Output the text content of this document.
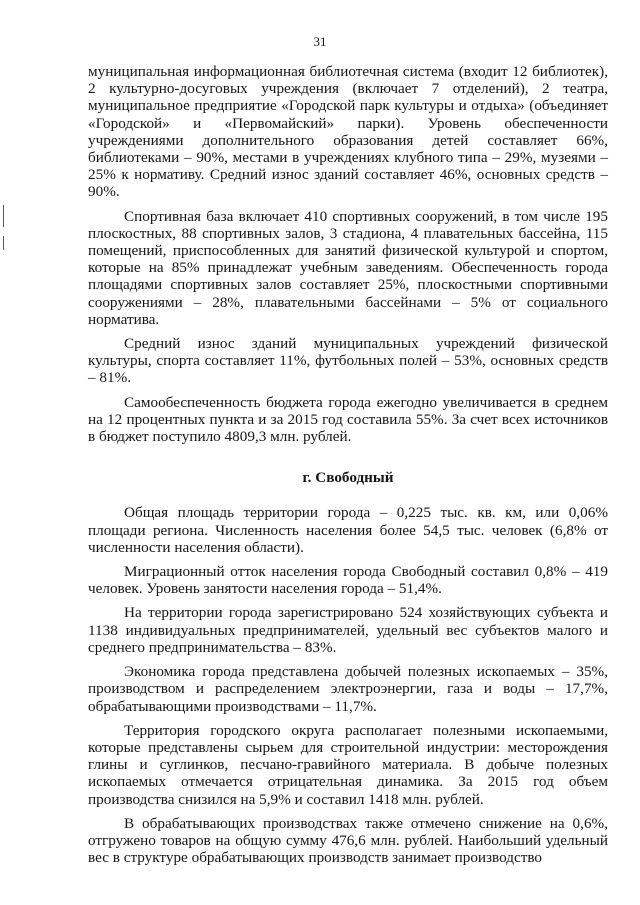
31

муниципальная информационная библиотечная система (входит 12 библиотек), 2 культурно-досуговых учреждения (включает 7 отделений), 2 театра, муниципальное предприятие «Городской парк культуры и отдыха» (объединяет «Городской» и «Первомайский» парки). Уровень обеспеченности учреждениями дополнительного образования детей составляет 66%, библиотеками – 90%, местами в учреждениях клубного типа – 29%, музеями – 25% к нормативу. Средний износ зданий составляет 46%, основных средств – 90%.

Спортивная база включает 410 спортивных сооружений, в том числе 195 плоскостных, 88 спортивных залов, 3 стадиона, 4 плавательных бассейна, 115 помещений, приспособленных для занятий физической культурой и спортом, которые на 85% принадлежат учебным заведениям. Обеспеченность города площадями спортивных залов составляет 25%, плоскостными спортивными сооружениями – 28%, плавательными бассейнами – 5% от социального норматива.

Средний износ зданий муниципальных учреждений физической культуры, спорта составляет 11%, футбольных полей – 53%, основных средств – 81%.

Самообеспеченность бюджета города ежегодно увеличивается в среднем на 12 процентных пункта и за 2015 год составила 55%. За счет всех источников в бюджет поступило 4809,3 млн. рублей.

г. Свободный

Общая площадь территории города – 0,225 тыс. кв. км, или 0,06% площади региона. Численность населения более 54,5 тыс. человек (6,8% от численности населения области).

Миграционный отток населения города Свободный составил 0,8% – 419 человек. Уровень занятости населения города – 51,4%.

На территории города зарегистрировано 524 хозяйствующих субъекта и 1138 индивидуальных предпринимателей, удельный вес субъектов малого и среднего предпринимательства – 83%.

Экономика города представлена добычей полезных ископаемых – 35%, производством и распределением электроэнергии, газа и воды – 17,7%, обрабатывающими производствами – 11,7%.

Территория городского округа располагает полезными ископаемыми, которые представлены сырьем для строительной индустрии: месторождения глины и суглинков, песчано-гравийного материала. В добыче полезных ископаемых отмечается отрицательная динамика. За 2015 год объем производства снизился на 5,9% и составил 1418 млн. рублей.

В обрабатывающих производствах также отмечено снижение на 0,6%, отгружено товаров на общую сумму 476,6 млн. рублей. Наибольший удельный вес в структуре обрабатывающих производств занимает производство
